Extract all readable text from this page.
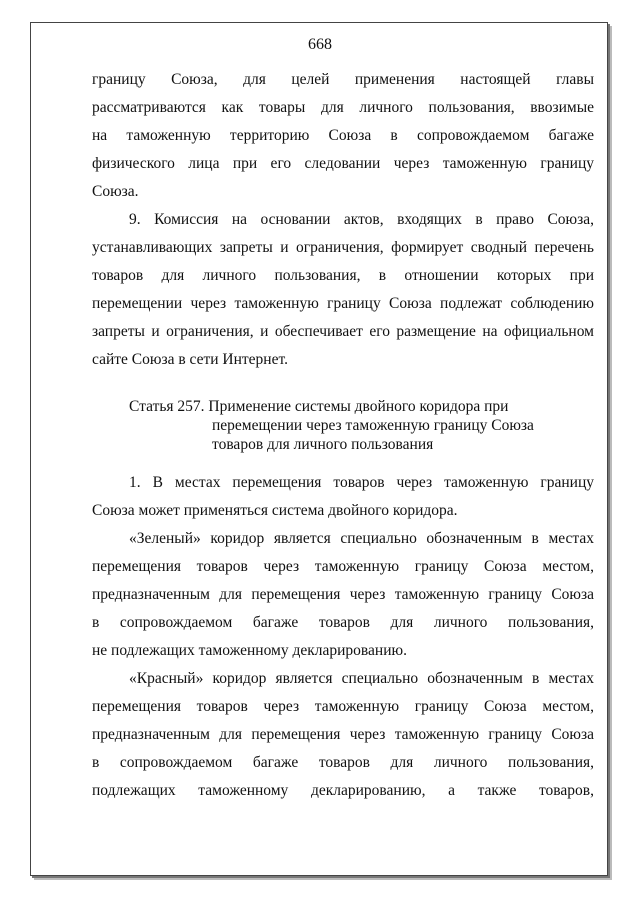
668
границу Союза, для целей применения настоящей главы
рассматриваются как товары для личного пользования, ввозимые
на таможенную территорию Союза в сопровождаемом багаже
физического лица при его следовании через таможенную границу
Союза.
9. Комиссия на основании актов, входящих в право Союза,
устанавливающих запреты и ограничения, формирует сводный перечень
товаров для личного пользования, в отношении которых при
перемещении через таможенную границу Союза подлежат соблюдению
запреты и ограничения, и обеспечивает его размещение на официальном
сайте Союза в сети Интернет.
Статья 257. Применение системы двойного коридора при
перемещении через таможенную границу Союза
товаров для личного пользования
1. В местах перемещения товаров через таможенную границу
Союза может применяться система двойного коридора.
«Зеленый» коридор является специально обозначенным в местах
перемещения товаров через таможенную границу Союза местом,
предназначенным для перемещения через таможенную границу Союза
в сопровождаемом багаже товаров для личного пользования,
не подлежащих таможенному декларированию.
«Красный» коридор является специально обозначенным в местах
перемещения товаров через таможенную границу Союза местом,
предназначенным для перемещения через таможенную границу Союза
в сопровождаемом багаже товаров для личного пользования,
подлежащих таможенному декларированию, а также товаров,
